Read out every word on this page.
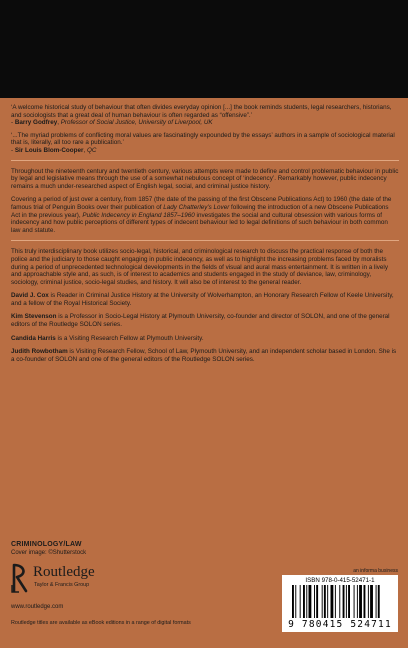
‘A welcome historical study of behaviour that often divides everyday opinion [...] the book reminds students, legal researchers, historians, and sociologists that a great deal of human behaviour is often regarded as “offensive”.’
- Barry Godfrey, Professor of Social Justice, University of Liverpool, UK
‘...The myriad problems of conflicting moral values are fascinatingly expounded by the essays’ authors in a sample of sociological material that is, literally, all too rare a publication.’
- Sir Louis Blom-Cooper, QC

Throughout the nineteenth century and twentieth century, various attempts were made to define and control problematic behaviour in public by legal and legislative means through the use of a somewhat nebulous concept of ‘indecency’. Remarkably however, public indecency remains a much under-researched aspect of English legal, social, and criminal justice history.

Covering a period of just over a century, from 1857 (the date of the passing of the first Obscene Publications Act) to 1960 (the date of the famous trial of Penguin Books over their publication of Lady Chatterley’s Lover following the introduction of a new Obscene Publications Act in the previous year), Public Indecency in England 1857–1960 investigates the social and cultural obsession with various forms of indecency and how public perceptions of different types of indecent behaviour led to legal definitions of such behaviour in both common law and statute.

This truly interdisciplinary book utilizes socio-legal, historical, and criminological research to discuss the practical response of both the police and the judiciary to those caught engaging in public indecency, as well as to highlight the increasing problems faced by moralists during a period of unprecedented technological developments in the fields of visual and aural mass entertainment. It is written in a lively and approachable style and, as such, is of interest to academics and students engaged in the study of deviance, law, criminology, sociology, criminal justice, socio-legal studies, and history. It will also be of interest to the general reader.

David J. Cox is Reader in Criminal Justice History at the University of Wolverhampton, an Honorary Research Fellow of Keele University, and a fellow of the Royal Historical Society.

Kim Stevenson is a Professor in Socio-Legal History at Plymouth University, co-founder and director of SOLON, and one of the general editors of the Routledge SOLON series.

Candida Harris is a Visiting Research Fellow at Plymouth University.

Judith Rowbotham is Visiting Research Fellow, School of Law, Plymouth University, and an independent scholar based in London. She is a co-founder of SOLON and one of the general editors of the Routledge SOLON series.

CRIMINOLOGY/LAW
Cover image: ©Shutterstock
Routledge
Taylor & Francis Group
www.routledge.com
Routledge titles are available as eBook editions in a range of digital formats
an informa business
ISBN 978-0-415-52471-1
9 780415 524711
